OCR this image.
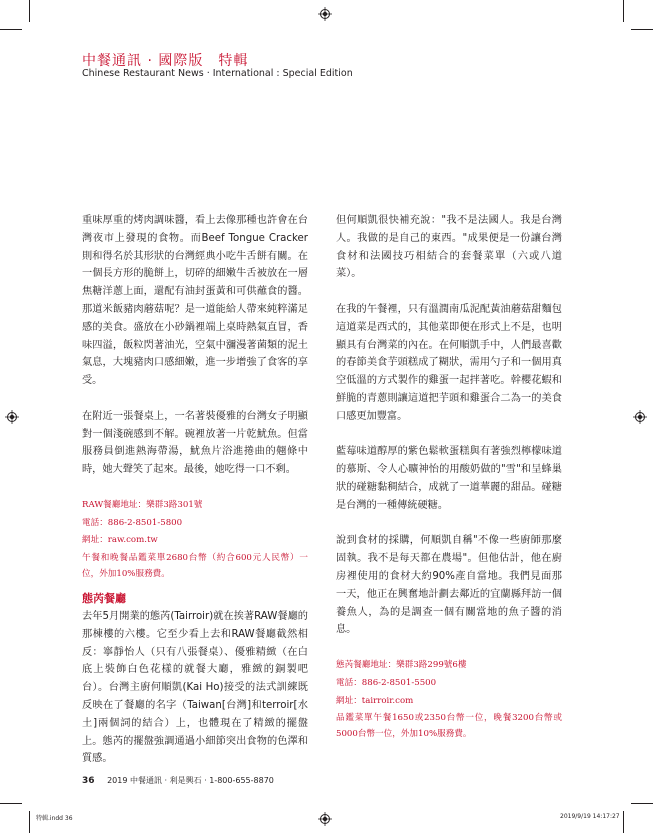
中餐通訊 · 國際版　特輯
Chinese Restaurant News · International : Special Edition

重味厚重的烤肉調味醬，看上去像那種也許會在台灣夜市上發現的食物。而Beef Tongue Cracker則和得名於其形狀的台灣經典小吃牛舌餅有關。在一個長方形的脆餅上，切碎的細嫩牛舌被放在一層焦糖洋蔥上面，還配有油封蛋黃和可供蘸食的醬。那道米飯豬肉蘑菇呢？是一道能給人帶來純粹滿足感的美食。盛放在小砂鍋裡端上桌時熱氣直冒，香味四溢，飯粒閃著油光，空氣中瀰漫著菌類的泥土氣息，大塊豬肉口感細嫩，進一步增強了食客的享受。

在附近一張餐桌上，一名著裝優雅的台灣女子明顯對一個淺碗感到不解。碗裡放著一片乾魷魚。但當服務員倒進熱海帶湯，魷魚片浴進捲曲的翹條中時，她大聲笑了起來。最後，她吃得一口不剩。

RAW餐廳地址：樂群3路301號

電話：886-2-8501-5800

網址：raw.com.tw

午餐和晚餐品鑑菜單2680台幣（約合600元人民幣）一位，外加10%服務費。

態芮餐廳

去年5月開業的態芮(Tairroir)就在挨著RAW餐廳的那棟樓的六樓。它至少看上去和RAW餐廳截然相反：寧靜怡人（只有八張餐桌）、優雅精緻（在白底上裝飾白色花樣的就餐大廳，雅緻的銅製吧台）。台灣主廚何順凱(Kai Ho)接受的法式訓練既反映在了餐廳的名字（Taiwan[台灣]和terroir[水土]兩個詞的結合）上，也體現在了精緻的擺盤上。態芮的擺盤強調通過小細節突出食物的色澤和質感。

但何順凱很快補充說："我不是法國人。我是台灣人。我做的是自己的東西。"成果便是一份讓台灣食材和法國技巧相結合的套餐菜單（六或八道菜）。

在我的午餐裡，只有溫潤南瓜泥配黃油蘑菇甜麵包這道菜是西式的，其他菜即便在形式上不是，也明顯具有台灣菜的內在。在何順凱手中，人們最喜歡的春節美食芋頭糕成了糊狀，需用勺子和一個用真空低溫的方式製作的雞蛋一起拌著吃。幹櫻花蝦和鮮脆的青蔥則讓這道把芋頭和雞蛋合二為一的美食口感更加豐富。

藍莓味道醇厚的紫色鬆軟蛋糕與有著強烈檸檬味道的慕斯、令人心曠神怡的用酸奶做的"雪"和呈蜂巢狀的碰糖黏稠結合，成就了一道華麗的甜品。碰糖是台灣的一種傳統硬糖。

說到食材的採購，何順凱自稱"不像一些廚師那麼固執。我不是每天都在農場"。但他估計，他在廚房裡使用的食材大約90%產自當地。我們見面那一天，他正在興奮地計劃去鄰近的宜蘭縣拜訪一個養魚人，為的是調查一個有關當地的魚子醬的消息。

態芮餐廳地址：樂群3路299號6樓

電話：886-2-8501-5500

網址：tairroir.com

品鑑菜單午餐1650或2350台幣一位，晚餐3200台幣或5000台幣一位，外加10%服務費。

36 2019 中餐通訊 · 利是興石 · 1-800-655-8870
特輯.indd 36	2019/9/19 14:17:27
